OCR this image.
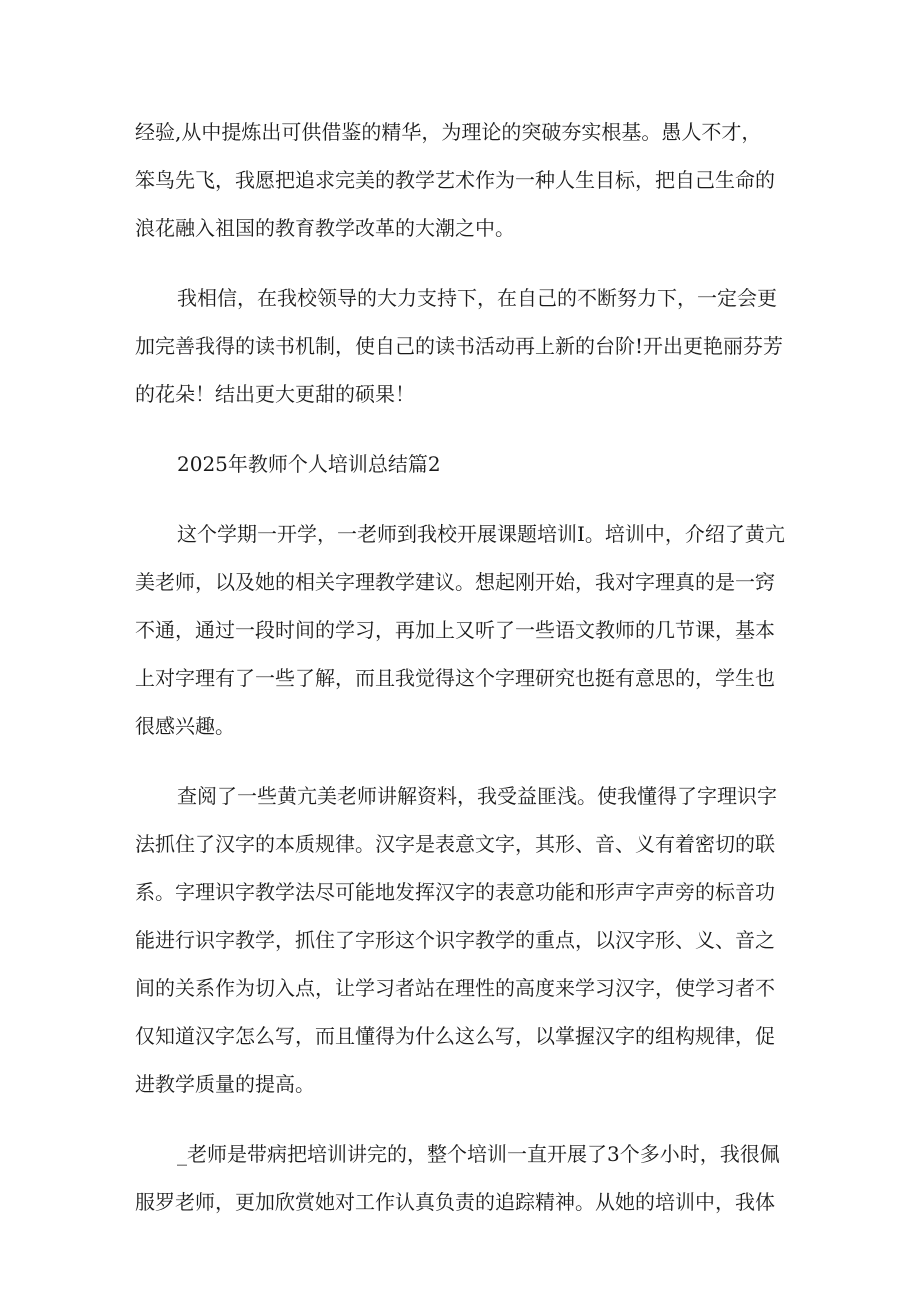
经验,从中提炼出可供借鉴的精华，为理论的突破夯实根基。愚人不才，
笨鸟先飞，我愿把追求完美的教学艺术作为一种人生目标，把自己生命的
浪花融入祖国的教育教学改革的大潮之中。
我相信，在我校领导的大力支持下，在自己的不断努力下，一定会更
加完善我得的读书机制，使自己的读书活动再上新的台阶!开出更艳丽芬芳
的花朵！结出更大更甜的硕果！
2025年教师个人培训总结篇2
这个学期一开学，一老师到我校开展课题培训I。培训中，介绍了黄亢
美老师，以及她的相关字理教学建议。想起刚开始，我对字理真的是一窍
不通，通过一段时间的学习，再加上又听了一些语文教师的几节课，基本
上对字理有了一些了解，而且我觉得这个字理研究也挺有意思的，学生也
很感兴趣。
查阅了一些黄亢美老师讲解资料，我受益匪浅。使我懂得了字理识字
法抓住了汉字的本质规律。汉字是表意文字，其形、音、义有着密切的联
系。字理识字教学法尽可能地发挥汉字的表意功能和形声字声旁的标音功
能进行识字教学，抓住了字形这个识字教学的重点，以汉字形、义、音之
间的关系作为切入点，让学习者站在理性的高度来学习汉字，使学习者不
仅知道汉字怎么写，而且懂得为什么这么写，以掌握汉字的组构规律，促
进教学质量的提高。
_老师是带病把培训讲完的，整个培训一直开展了3个多小时，我很佩
服罗老师，更加欣赏她对工作认真负责的追踪精神。从她的培训中，我体
